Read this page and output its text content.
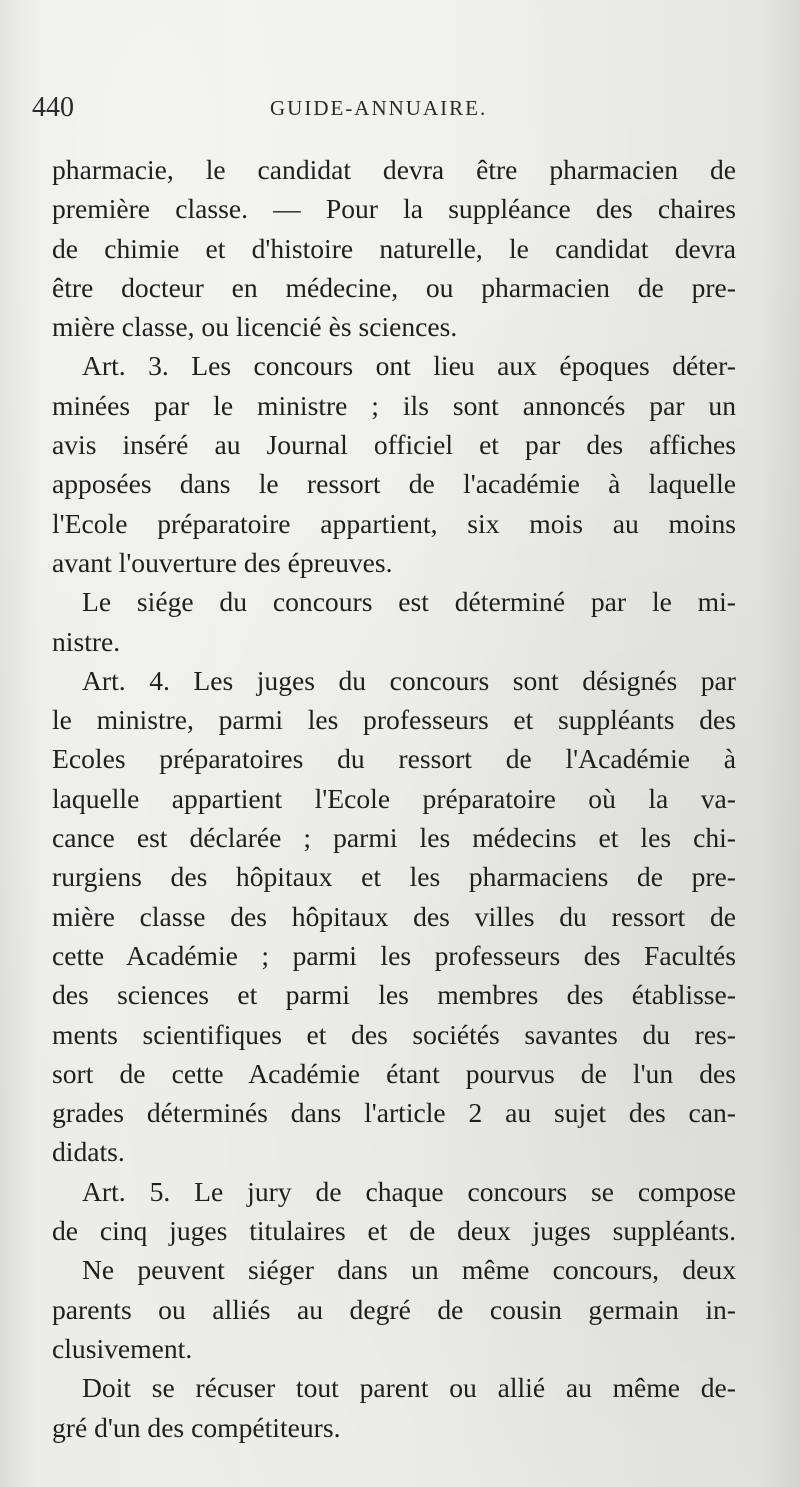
440	GUIDE-ANNUAIRE.
pharmacie, le candidat devra être pharmacien de
première classe. — Pour la suppléance des chaires
de chimie et d'histoire naturelle, le candidat devra
être docteur en médecine, ou pharmacien de pre-
mière classe, ou licencié ès sciences.
Art. 3. Les concours ont lieu aux époques déter-
minées par le ministre ; ils sont annoncés par un
avis inséré au Journal officiel et par des affiches
apposées dans le ressort de l'académie à laquelle
l'Ecole préparatoire appartient, six mois au moins
avant l'ouverture des épreuves.
Le siége du concours est déterminé par le mi-
nistre.
Art. 4. Les juges du concours sont désignés par
le ministre, parmi les professeurs et suppléants des
Ecoles préparatoires du ressort de l'Académie à
laquelle appartient l'Ecole préparatoire où la va-
cance est déclarée ; parmi les médecins et les chi-
rurgiens des hôpitaux et les pharmaciens de pre-
mière classe des hôpitaux des villes du ressort de
cette Académie ; parmi les professeurs des Facultés
des sciences et parmi les membres des établisse-
ments scientifiques et des sociétés savantes du res-
sort de cette Académie étant pourvus de l'un des
grades déterminés dans l'article 2 au sujet des can-
didats.
Art. 5. Le jury de chaque concours se compose
de cinq juges titulaires et de deux juges suppléants.
Ne peuvent siéger dans un même concours, deux
parents ou alliés au degré de cousin germain in-
clusivement.
Doit se récuser tout parent ou allié au même de-
gré d'un des compétiteurs.
